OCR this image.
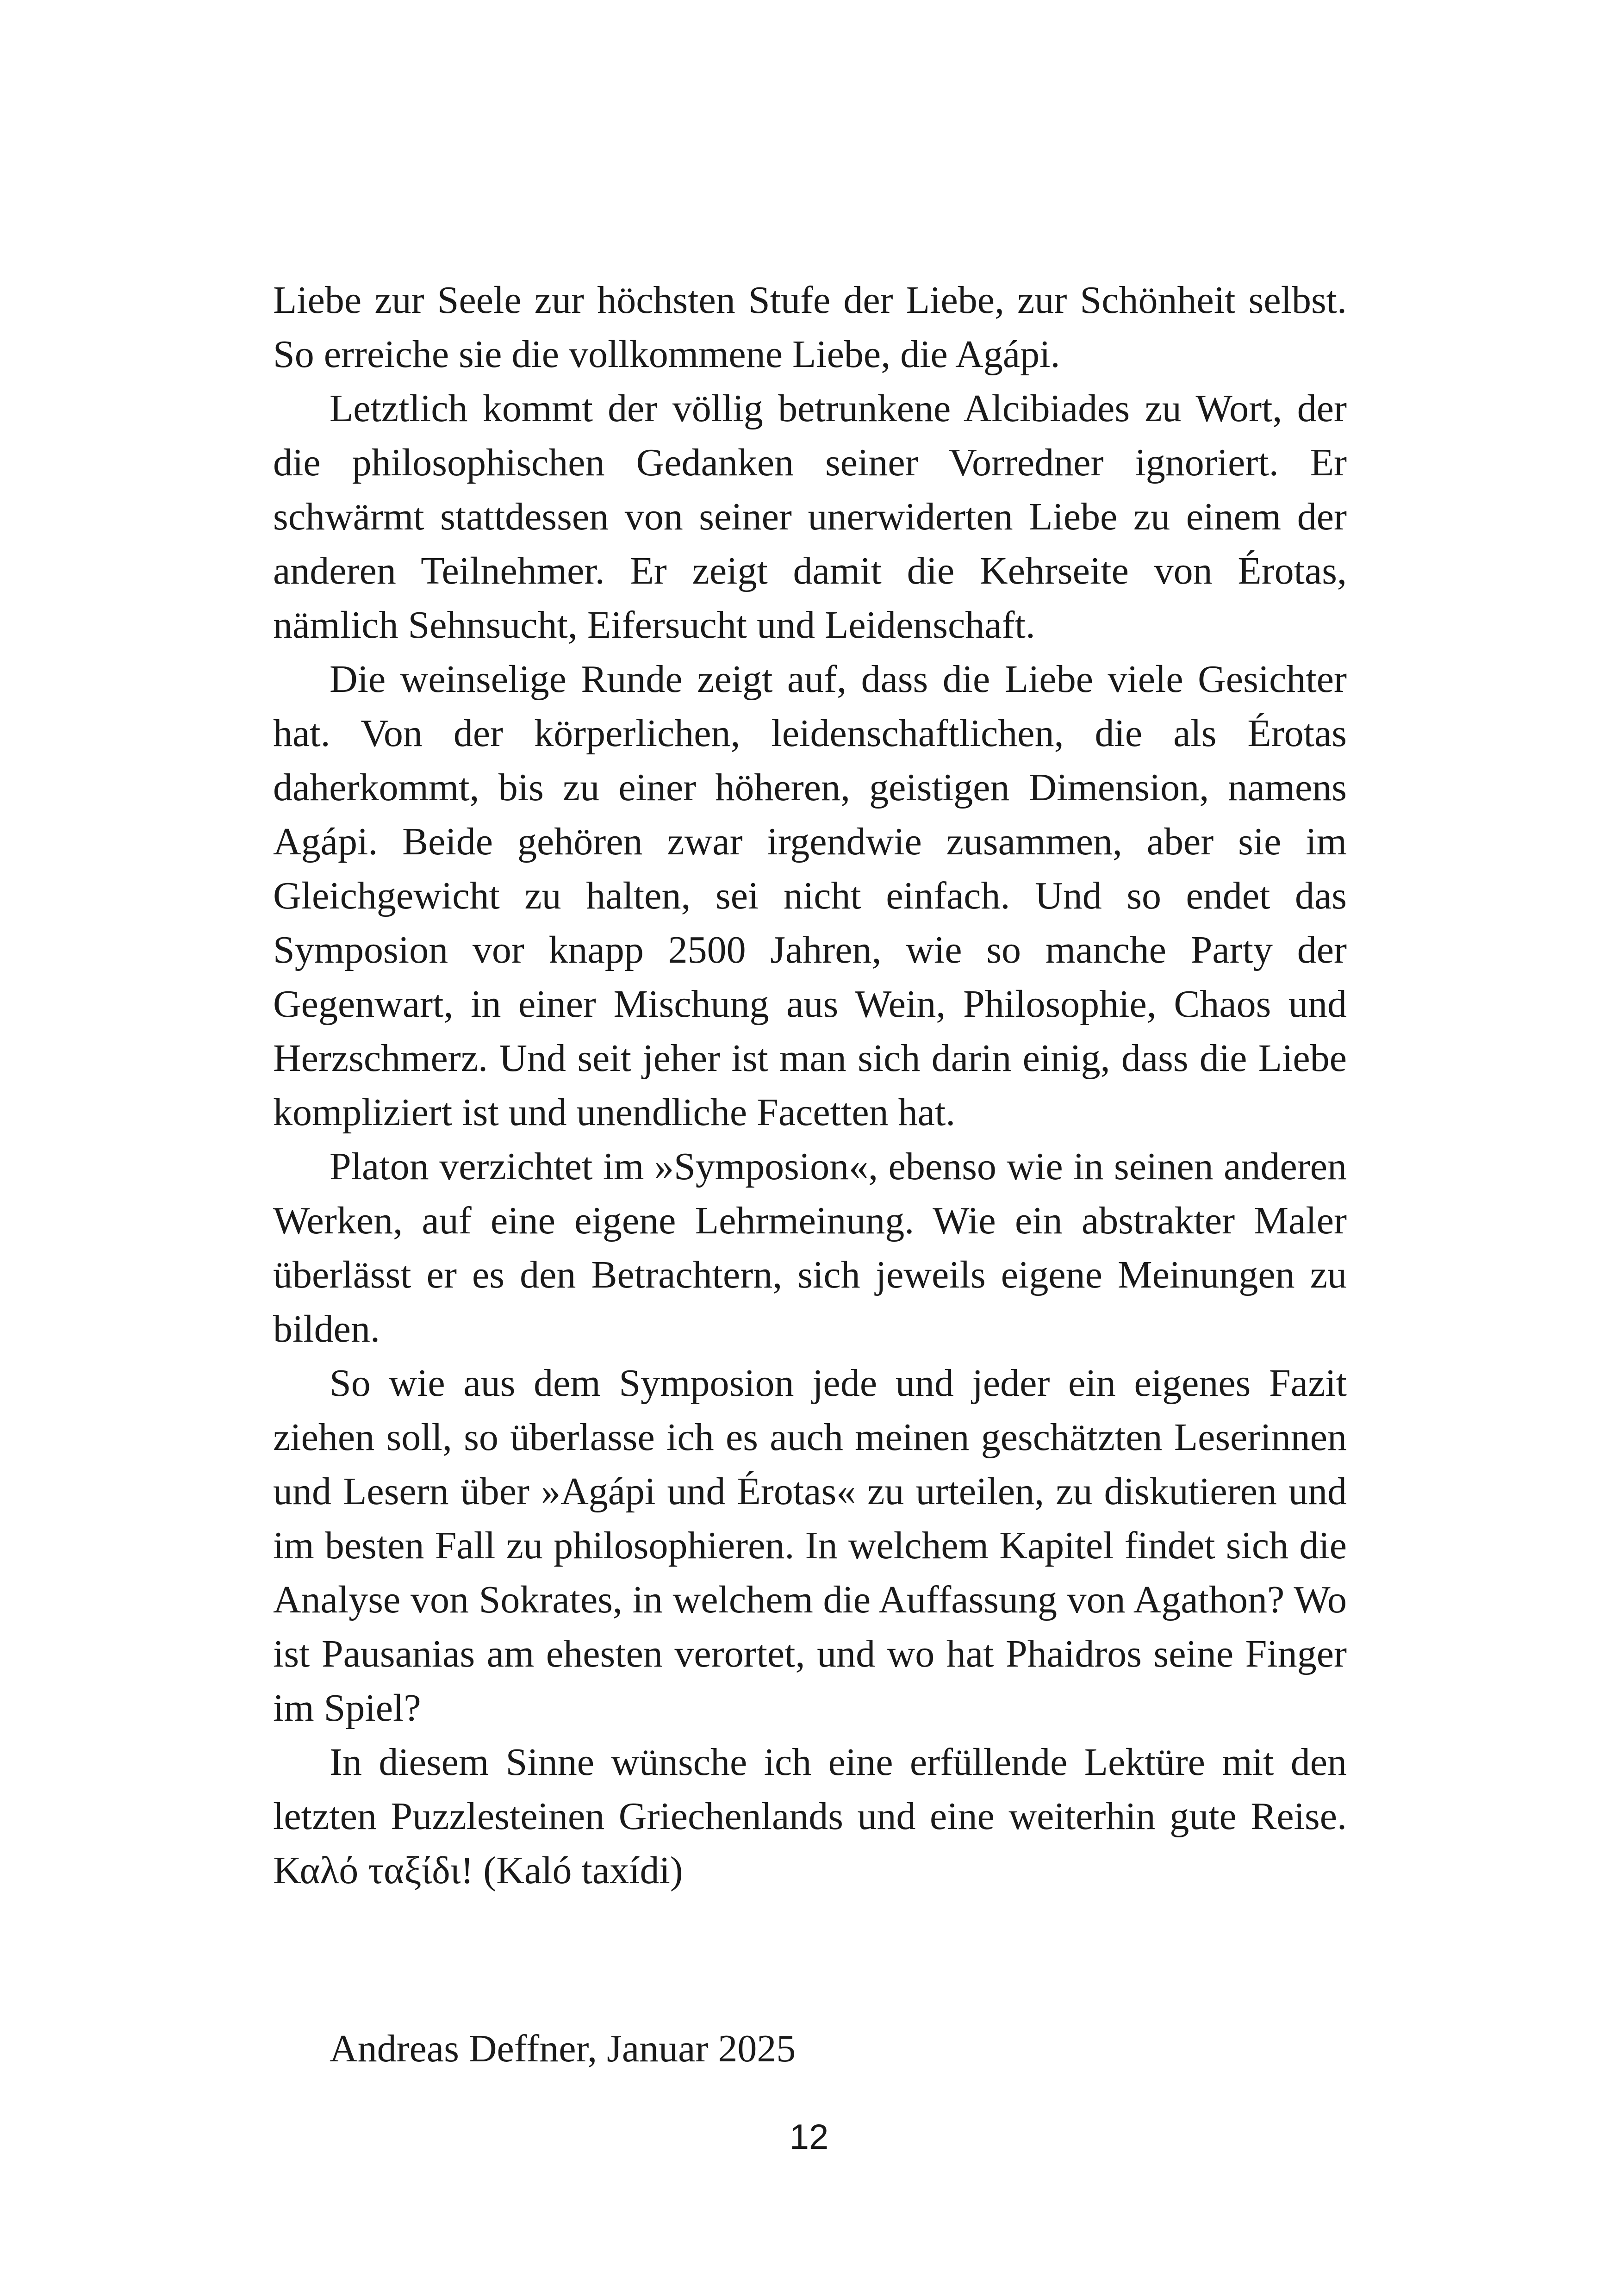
Liebe zur Seele zur höchsten Stufe der Liebe, zur Schönheit selbst. So erreiche sie die vollkommene Liebe, die Agápi.

Letztlich kommt der völlig betrunkene Alcibiades zu Wort, der die philosophischen Gedanken seiner Vorredner ignoriert. Er schwärmt stattdessen von seiner unerwiderten Liebe zu einem der anderen Teilnehmer. Er zeigt damit die Kehrseite von Érotas, nämlich Sehnsucht, Eifersucht und Leidenschaft.

Die weinselige Runde zeigt auf, dass die Liebe viele Gesichter hat. Von der körperlichen, leidenschaftlichen, die als Érotas daherkommt, bis zu einer höheren, geistigen Dimension, namens Agápi. Beide gehören zwar irgendwie zusammen, aber sie im Gleichgewicht zu halten, sei nicht einfach. Und so endet das Symposion vor knapp 2500 Jahren, wie so manche Party der Gegenwart, in einer Mischung aus Wein, Philosophie, Chaos und Herzschmerz. Und seit jeher ist man sich darin einig, dass die Liebe kompliziert ist und unendliche Facetten hat.

Platon verzichtet im »Symposion«, ebenso wie in seinen anderen Werken, auf eine eigene Lehrmeinung. Wie ein abstrakter Maler überlässt er es den Betrachtern, sich jeweils eigene Meinungen zu bilden.

So wie aus dem Symposion jede und jeder ein eigenes Fazit ziehen soll, so überlasse ich es auch meinen geschätzten Leserinnen und Lesern über »Agápi und Érotas« zu urteilen, zu diskutieren und im besten Fall zu philosophieren. In welchem Kapitel findet sich die Analyse von Sokrates, in welchem die Auffassung von Agathon? Wo ist Pausanias am ehesten verortet, und wo hat Phaidros seine Finger im Spiel?

In diesem Sinne wünsche ich eine erfüllende Lektüre mit den letzten Puzzlesteinen Griechenlands und eine weiterhin gute Reise. Καλό ταξίδι! (Kaló taxídi)

Andreas Deffner, Januar 2025

12
